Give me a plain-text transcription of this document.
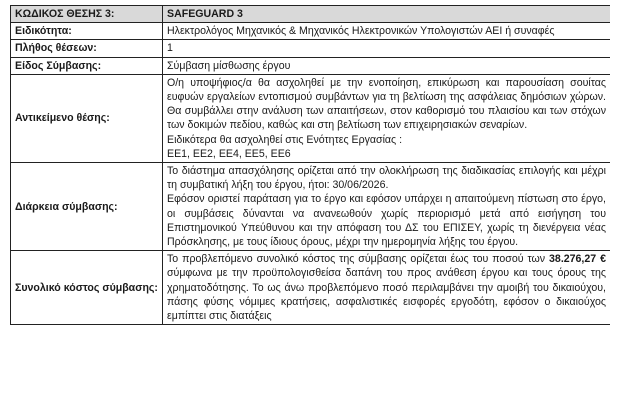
ΚΩΔΙΚΟΣ ΘΕΣΗΣ 3:	SAFEGUARD 3
Ειδικότητα:	Ηλεκτρολόγος Μηχανικός & Μηχανικός Ηλεκτρονικών Υπολογιστών ΑΕΙ ή συναφές
Πλήθος θέσεων:	1
Είδος Σύμβασης:	Σύμβαση μίσθωσης έργου
Αντικείμενο θέσης:	Ο/η υποψήφιος/α θα ασχοληθεί με την ενοποίηση, επικύρωση και παρουσίαση σουίτας ευφυών εργαλείων εντοπισμού συμβάντων για τη βελτίωση της ασφάλειας δημόσιων χώρων. Θα συμβάλλει στην ανάλυση των απαιτήσεων, στον καθορισμό του πλαισίου και των στόχων των δοκιμών πεδίου, καθώς και στη βελτίωση των επιχειρησιακών σεναρίων.
Ειδικότερα θα ασχοληθεί στις Ενότητες Εργασίας :
ΕΕ1, ΕΕ2, ΕΕ4, ΕΕ5, ΕΕ6

Διάρκεια σύμβασης:	Το διάστημα απασχόλησης ορίζεται από την ολοκλήρωση της διαδικασίας επιλογής και μέχρι τη συμβατική λήξη του έργου, ήτοι: 30/06/2026.
Εφόσον οριστεί παράταση για το έργο και εφόσον υπάρχει η απαιτούμενη πίστωση στο έργο, οι συμβάσεις δύνανται να ανανεωθούν χωρίς περιορισμό μετά από εισήγηση του Επιστημονικού Υπεύθυνου και την απόφαση του ΔΣ του ΕΠΙΣΕΥ, χωρίς τη διενέργεια νέας Πρόσκλησης, με τους ίδιους όρους, μέχρι την ημερομηνία λήξης του έργου.

Συνολικό κόστος σύμβασης:	Το προβλεπόμενο συνολικό κόστος της σύμβασης ορίζεται έως του ποσού των 38.276,27 € σύμφωνα με την προϋπολογισθείσα δαπάνη του προς ανάθεση έργου και τους όρους της χρηματοδότησης. Το ως άνω προβλεπόμενο ποσό περιλαμβάνει την αμοιβή του δικαιούχου, πάσης φύσης νόμιμες κρατήσεις, ασφαλιστικές εισφορές εργοδότη, εφόσον ο δικαιούχος εμπίπτει στις διατάξεις
